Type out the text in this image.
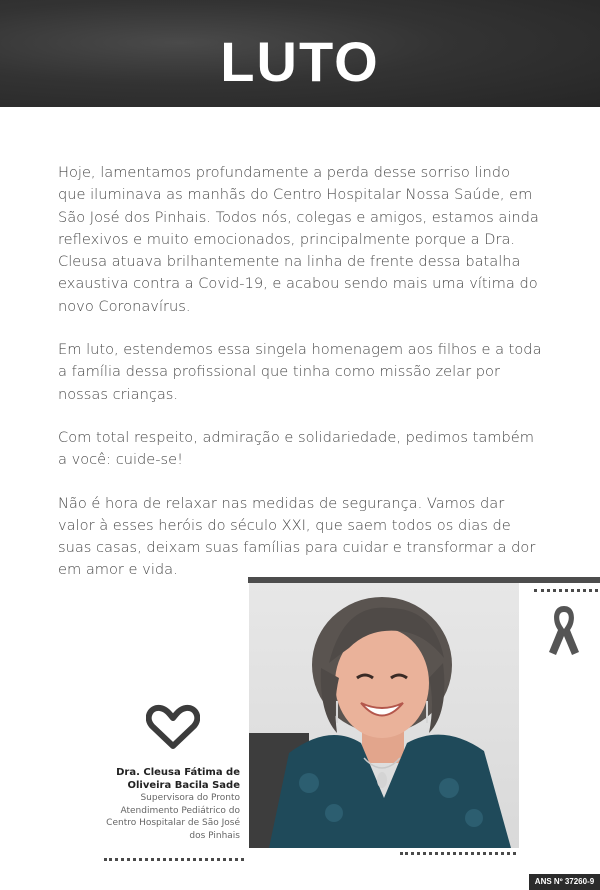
LUTO

Hoje, lamentamos profundamente a perda desse sorriso lindo que iluminava as manhãs do Centro Hospitalar Nossa Saúde, em São José dos Pinhais. Todos nós, colegas e amigos, estamos ainda reflexivos e muito emocionados, principalmente porque a Dra. Cleusa atuava brilhantemente na linha de frente dessa batalha exaustiva contra a Covid-19, e acabou sendo mais uma vítima do novo Coronavírus.

Em luto, estendemos essa singela homenagem aos filhos e a toda a família dessa profissional que tinha como missão zelar por nossas crianças.

Com total respeito, admiração e solidariedade, pedimos também a você: cuide-se!

Não é hora de relaxar nas medidas de segurança. Vamos dar valor à esses heróis do século XXI, que saem todos os dias de suas casas, deixam suas famílias para cuidar e transformar a dor em amor e vida.

Dra. Cleusa Fátima de Oliveira Bacila Sade
Supervisora do Pronto Atendimento Pediátrico do Centro Hospitalar de São José dos Pinhais
ANS Nº 37260-9
